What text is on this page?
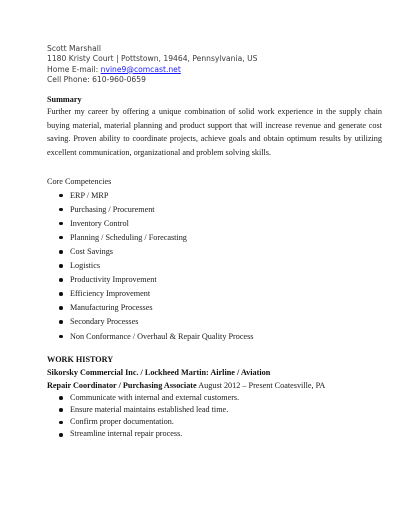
Scott Marshall
1180 Kristy Court | Pottstown, 19464, Pennsylvania, US
Home E-mail: nvine9@comcast.net
Cell Phone: 610-960-0659
Summary
Further my career by offering a unique combination of solid work experience in the supply chain buying material, material planning and product support that will increase revenue and generate cost saving. Proven ability to coordinate projects, achieve goals and obtain optimum results by utilizing excellent communication, organizational and problem solving skills.
Core Competencies
ERP / MRP
Purchasing / Procurement
Inventory Control
Planning / Scheduling / Forecasting
Cost Savings
Logistics
Productivity Improvement
Efficiency Improvement
Manufacturing Processes
Secondary Processes
Non Conformance / Overhaul & Repair Quality Process
WORK HISTORY
Sikorsky Commercial Inc. / Lockheed Martin: Airline / Aviation
Repair Coordinator / Purchasing Associate August 2012 – Present Coatesville, PA
Communicate with internal and external customers.
Ensure material maintains established lead time.
Confirm proper documentation.
Streamline internal repair process.
